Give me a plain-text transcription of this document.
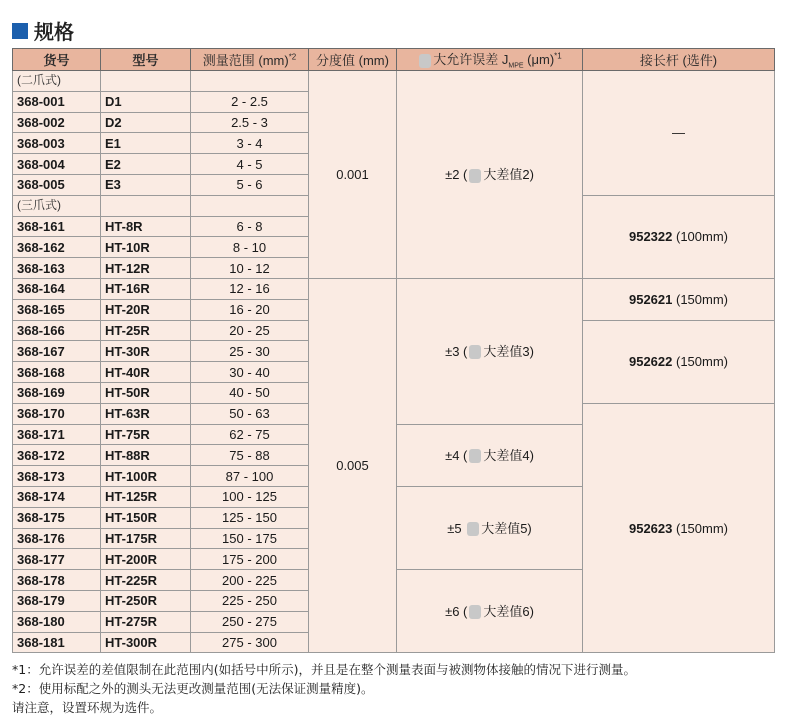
规格
货号	型号	测量范围 (mm)$^{*2}$	分度值 (mm)	大允许误差 $J_{MPE}$ $(\mu m)^{*1}$	接长杆 (选件)
(二爪式)			0.001	±2 ( 大差值2)	—
368-001	D1	2 - 2.5			
368-002	D2	2.5 - 3			
368-003	E1	3 - 4			
368-004	E2	4 - 5			
368-005	E3	5 - 6			
(三爪式)					952322 (100mm)
368-161	HT-8R	6 - 8			
368-162	HT-10R	8 - 10			
368-163	HT-12R	10 - 12			
368-164	HT-16R	12 - 16	0.005	±3 ( 大差值3)	952621 (150mm)
368-165	HT-20R	16 - 20			
368-166	HT-25R	20 - 25			952622 (150mm)
368-167	HT-30R	25 - 30			
368-168	HT-40R	30 - 40			
368-169	HT-50R	40 - 50			
368-170	HT-63R	50 - 63			952623 (150mm)
368-171	HT-75R	62 - 75		±4 ( 大差值4)	
368-172	HT-88R	75 - 88			
368-173	HT-100R	87 - 100			
368-174	HT-125R	100 - 125		±5 大差值5)	
368-175	HT-150R	125 - 150			
368-176	HT-175R	150 - 175			
368-177	HT-200R	175 - 200			
368-178	HT-225R	200 - 225		±6 ( 大差值6)	
368-179	HT-250R	225 - 250			
368-180	HT-275R	250 - 275			
368-181	HT-300R	275 - 300			
*1：允许误差的差值限制在此范围内(如括号中所示)，并且是在整个测量表面与被测物体接触的情况下进行测量。
*2：使用标配之外的测头无法更改测量范围(无法保证测量精度)。
请注意，设置环规为选件。
